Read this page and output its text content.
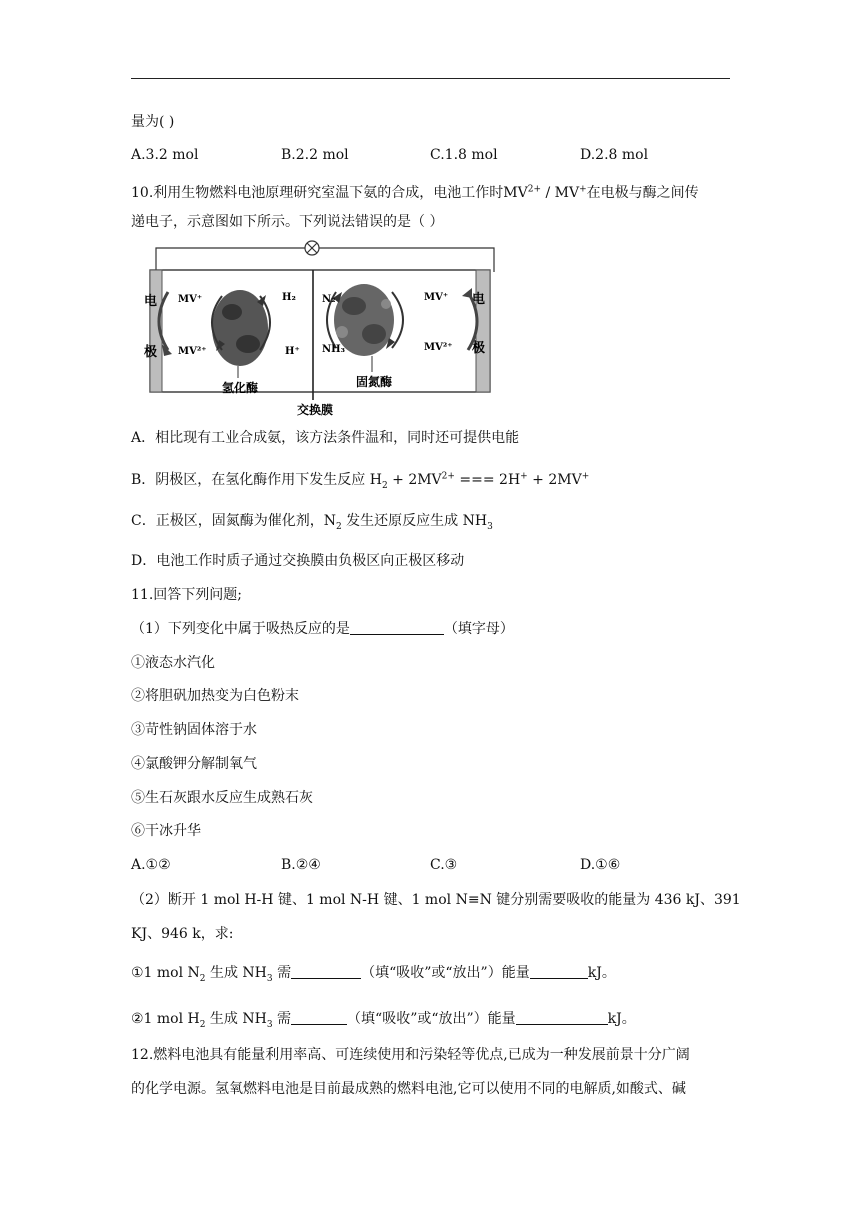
量为( )
A.3.2 mol	B.2.2 mol	C.1.8 mol	D.2.8 mol
10.利用生物燃料电池原理研究室温下氨的合成，电池工作时$MV^{2+} / MV^+$在电极与酶之间传
递电子，示意图如下所示。下列说法错误的是（ ）
电
极
电
极
MV⁺
MV²⁺
H₂
H⁺
氢化酶
N₂
NH₃
固氮酶
MV⁺
MV²⁺
交换膜
A．相比现有工业合成氨，该方法条件温和，同时还可提供电能
B．阴极区，在氢化酶作用下发生反应 $H_2 + 2MV^{2+}$ === 2H+ + 2MV+
C．正极区，固氮酶为催化剂，$N_2$ 发生还原反应生成 $NH_3$
D．电池工作时质子通过交换膜由负极区向正极区移动
11.回答下列问题;
（1）下列变化中属于吸热反应的是	（填字母）
①液态水汽化
②将胆矾加热变为白色粉末
③苛性钠固体溶于水
④氯酸钾分解制氧气
⑤生石灰跟水反应生成熟石灰
⑥干冰升华
A.①②	B.②④	C.③	D.①⑥
（2）断开 1 mol H-H 键、1 mol N-H 键、1 mol N≡N 键分别需要吸收的能量为 436 kJ、391
KJ、946 k，求:
①1 mol $N_2$ 生成 $NH_3$ 需	（填“吸收”或“放出”）能量	kJ。
②1 mol $H_2$ 生成 $NH_3$ 需	（填“吸收”或“放出”）能量	kJ。
12.燃料电池具有能量利用率高、可连续使用和污染轻等优点,已成为一种发展前景十分广阔
的化学电源。氢氧燃料电池是目前最成熟的燃料电池,它可以使用不同的电解质,如酸式、碱
